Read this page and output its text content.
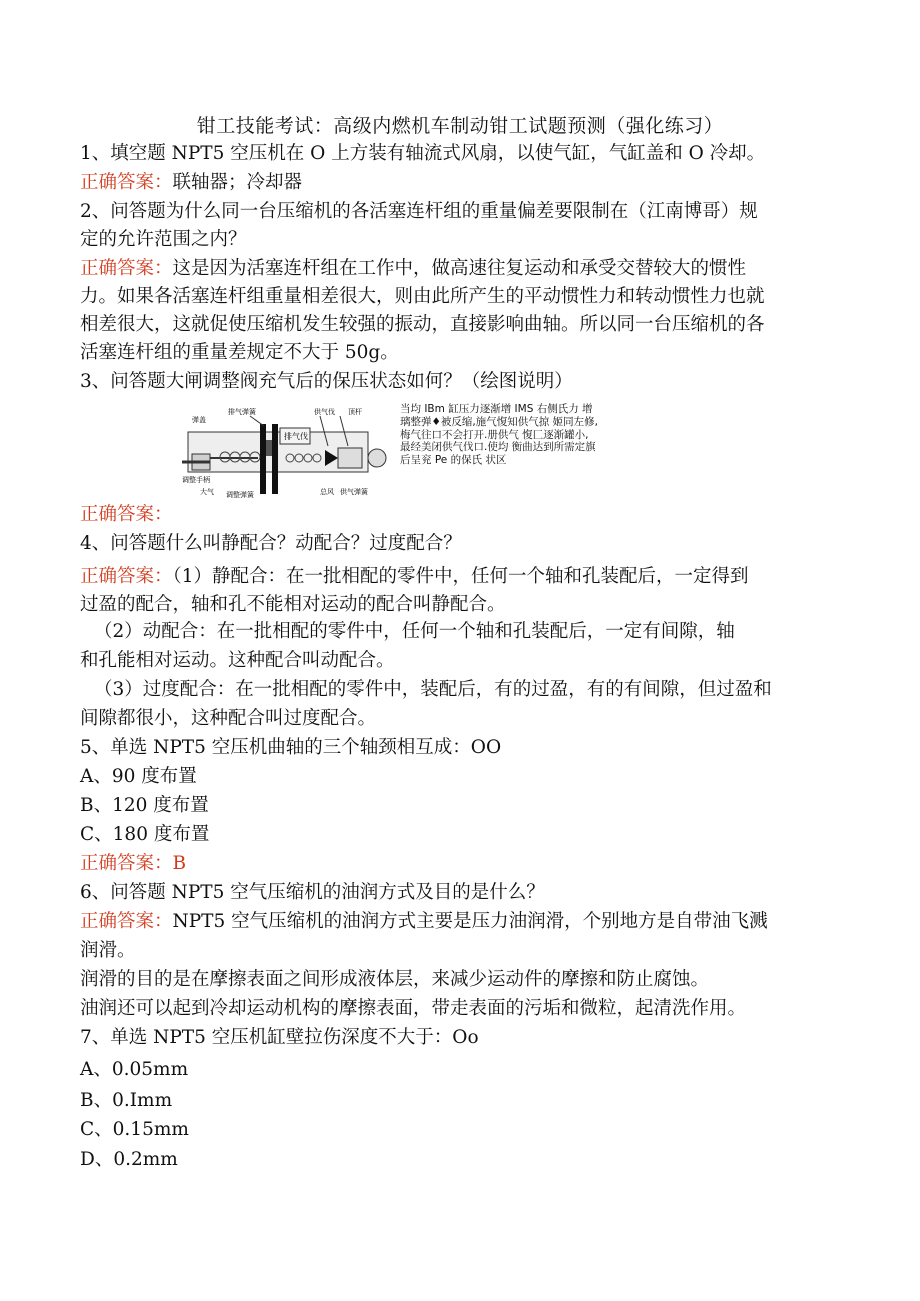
钳工技能考试：高级内燃机车制动钳工试题预测（强化练习）
1、填空题 NPT5 空压机在 O 上方装有轴流式风扇，以使气缸，气缸盖和 O 冷却。
正确答案：联轴器；冷却器
2、问答题为什么同一台压缩机的各活塞连杆组的重量偏差要限制在（江南博哥）规
定的允许范围之内？
正确答案：这是因为活塞连杆组在工作中，做高速往复运动和承受交替较大的惯性
力。如果各活塞连杆组重量相差很大，则由此所产生的平动惯性力和转动惯性力也就
相差很大，这就促使压缩机发生较强的振动，直接影响曲轴。所以同一台压缩机的各
活塞连杆组的重量差规定不大于 50g。
3、问答题大闸调整阀充气后的保压状态如何？（绘图说明）
排气弹簧
排气伐
供气伐 顶杆
弹盖
调整手柄
大气 调整弹簧	总风 供气弹簧
当均 IBm 缸压力逐渐增 IMS 右侧氏力 增璃整弹♦被反缩,施气愎知供气掠 姬同左修,梅气往口不会打开.册供气 愎匚逐渐罐小,最经美闭供气伐口.使均 衡曲达到所需定旗后呈兖 Pe 的保氏 状区
正确答案：
4、问答题什么叫静配合？动配合？过度配合？
正确答案：（1）静配合：在一批相配的零件中，任何一个轴和孔装配后，一定得到
过盈的配合，轴和孔不能相对运动的配合叫静配合。
（2）动配合：在一批相配的零件中，任何一个轴和孔装配后，一定有间隙，轴
和孔能相对运动。这种配合叫动配合。
（3）过度配合：在一批相配的零件中，装配后，有的过盈，有的有间隙，但过盈和
间隙都很小，这种配合叫过度配合。
5、单选 NPT5 空压机曲轴的三个轴颈相互成：OO
A、90 度布置
B、120 度布置
C、180 度布置
正确答案：B
6、问答题 NPT5 空气压缩机的油润方式及目的是什么？
正确答案：NPT5 空气压缩机的油润方式主要是压力油润滑，个别地方是自带油飞溅
润滑。
润滑的目的是在摩擦表面之间形成液体层，来减少运动件的摩擦和防止腐蚀。
油润还可以起到冷却运动机构的摩擦表面，带走表面的污垢和微粒，起清洗作用。
7、单选 NPT5 空压机缸壁拉伤深度不大于：Oo
A、0.05mm
B、0.Imm
C、0.15mm
D、0.2mm
